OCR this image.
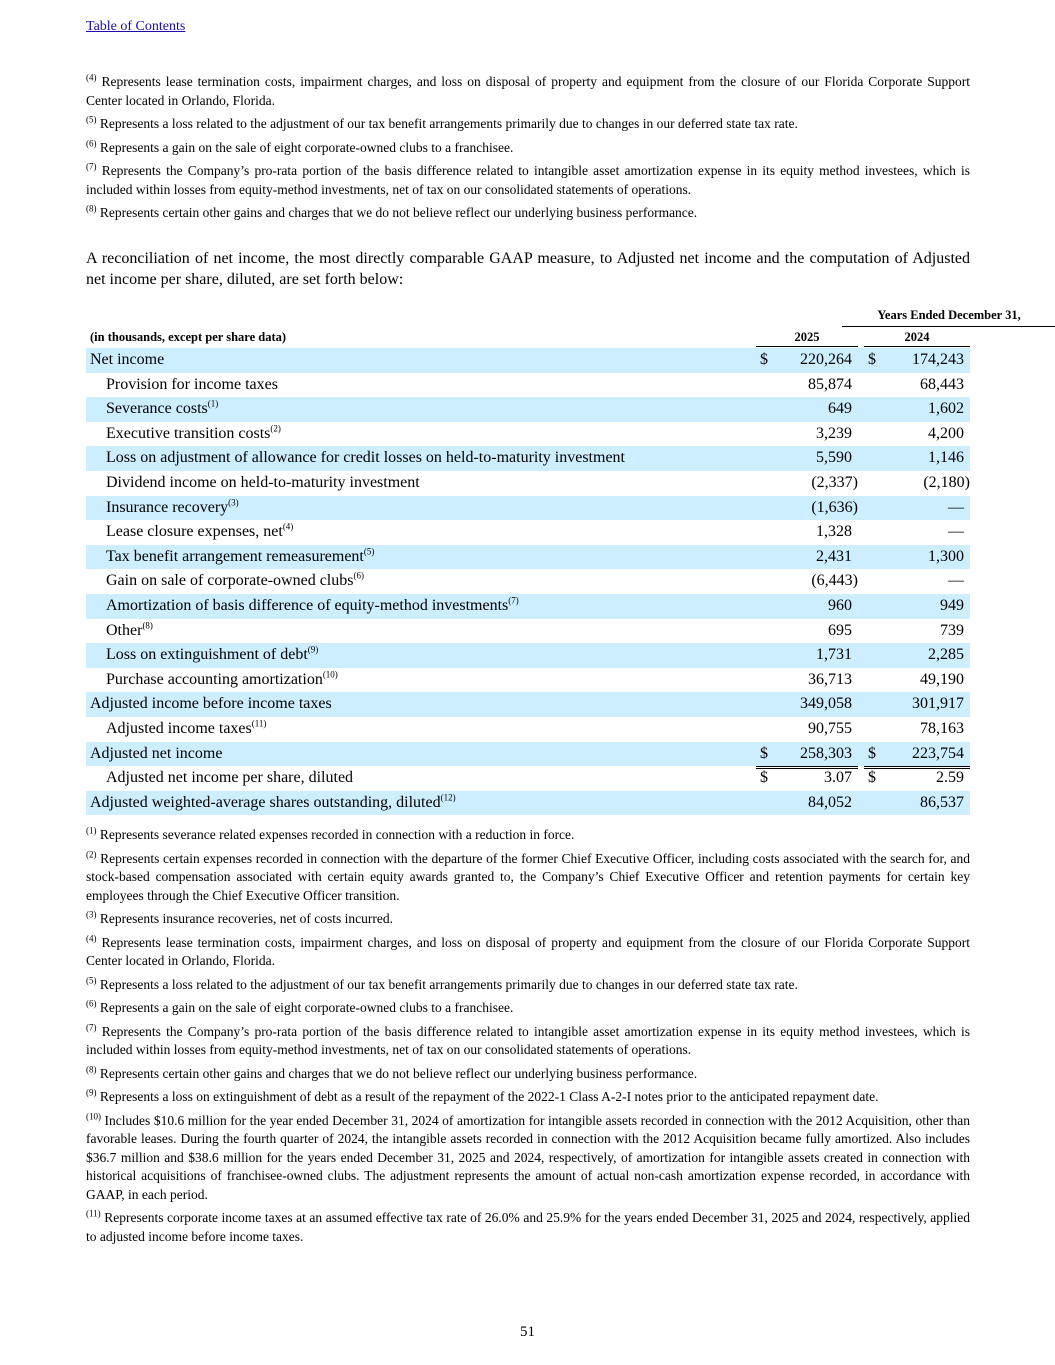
Table of Contents

$^{(4)}$ Represents lease termination costs, impairment charges, and loss on disposal of property and equipment from the closure of our Florida Corporate Support Center located in Orlando, Florida.

$^{(5)}$ Represents a loss related to the adjustment of our tax benefit arrangements primarily due to changes in our deferred state tax rate.

$^{(6)}$ Represents a gain on the sale of eight corporate-owned clubs to a franchisee.

$^{(7)}$ Represents the Company’s pro-rata portion of the basis difference related to intangible asset amortization expense in its equity method investees, which is included within losses from equity-method investments, net of tax on our consolidated statements of operations.

$^{(8)}$ Represents certain other gains and charges that we do not believe reflect our underlying business performance.

A reconciliation of net income, the most directly comparable GAAP measure, to Adjusted net income and the computation of Adjusted net income per share, diluted, are set forth below:

Years Ended December 31,
(in thousands, except per share data)	2025	2024
Net income	$ 220,264 $ 174,243
Provision for income taxes	85,874	68,443
Severance costs$^{(1)}$	649	1,602
Executive transition costs$^{(2)}$	3,239	4,200
Loss on adjustment of allowance for credit losses on held-to-maturity investment	5,590	1,146
Dividend income on held-to-maturity investment	(2,337)	(2,180)
Insurance recovery$^{(3)}$	(1,636)	—
Lease closure expenses, net$^{(4)}$	1,328	—
Tax benefit arrangement remeasurement$^{(5)}$	2,431	1,300
Gain on sale of corporate-owned clubs$^{(6)}$	(6,443)	—
Amortization of basis difference of equity-method investments$^{(7)}$	960	949
Other$^{(8)}$	695	739
Loss on extinguishment of debt$^{(9)}$	1,731	2,285
Purchase accounting amortization$^{(10)}$	36,713	49,190
Adjusted income before income taxes	349,058	301,917
Adjusted income taxes$^{(11)}$	90,755	78,163
Adjusted net income	$ 258,303 $ 223,754
Adjusted net income per share, diluted	$	3.07 $	2.59
Adjusted weighted-average shares outstanding, diluted$^{(12)}$	84,052	86,537

$^{(1)}$ Represents severance related expenses recorded in connection with a reduction in force.

$^{(2)}$ Represents certain expenses recorded in connection with the departure of the former Chief Executive Officer, including costs associated with the search for, and stock-based compensation associated with certain equity awards granted to, the Company’s Chief Executive Officer and retention payments for certain key employees through the Chief Executive Officer transition.

$^{(3)}$ Represents insurance recoveries, net of costs incurred.

$^{(4)}$ Represents lease termination costs, impairment charges, and loss on disposal of property and equipment from the closure of our Florida Corporate Support Center located in Orlando, Florida.

$^{(5)}$ Represents a loss related to the adjustment of our tax benefit arrangements primarily due to changes in our deferred state tax rate.

$^{(6)}$ Represents a gain on the sale of eight corporate-owned clubs to a franchisee.

$^{(7)}$ Represents the Company’s pro-rata portion of the basis difference related to intangible asset amortization expense in its equity method investees, which is included within losses from equity-method investments, net of tax on our consolidated statements of operations.

$^{(8)}$ Represents certain other gains and charges that we do not believe reflect our underlying business performance.

$^{(9)}$ Represents a loss on extinguishment of debt as a result of the repayment of the 2022-1 Class A-2-I notes prior to the anticipated repayment date.

$^{(10)}$ Includes $10.6 million for the year ended December 31, 2024 of amortization for intangible assets recorded in connection with the 2012 Acquisition, other than favorable leases. During the fourth quarter of 2024, the intangible assets recorded in connection with the 2012 Acquisition became fully amortized. Also includes $36.7 million and $38.6 million for the years ended December 31, 2025 and 2024, respectively, of amortization for intangible assets created in connection with historical acquisitions of franchisee-owned clubs. The adjustment represents the amount of actual non-cash amortization expense recorded, in accordance with GAAP, in each period.

$^{(11)}$ Represents corporate income taxes at an assumed effective tax rate of 26.0% and 25.9% for the years ended December 31, 2025 and 2024, respectively, applied to adjusted income before income taxes.

51
